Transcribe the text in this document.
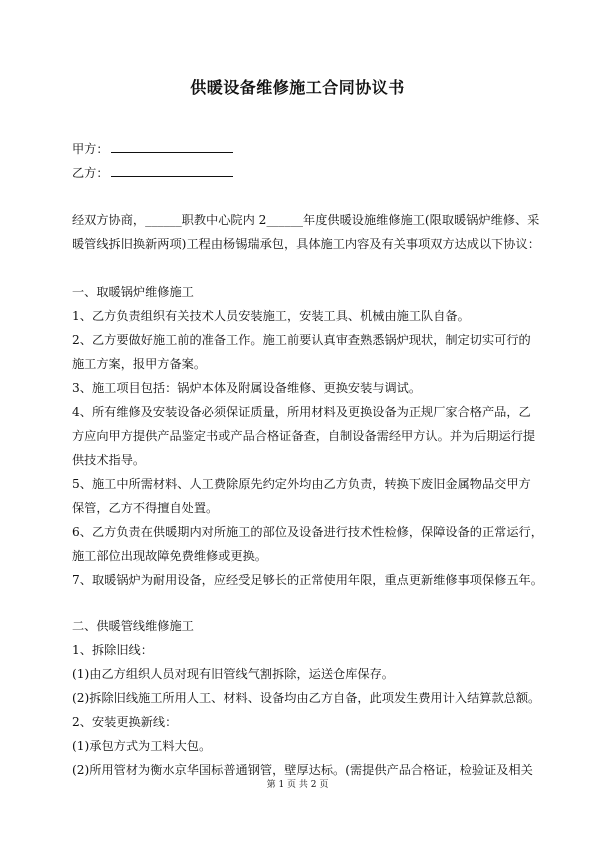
供暖设备维修施工合同协议书
甲方：
乙方：
经双方协商，______职教中心院内 2______年度供暖设施维修施工(限取暖锅炉维修、采
暖管线拆旧换新两项)工程由杨锡瑞承包，具体施工内容及有关事项双方达成以下协议：
一、取暖锅炉维修施工
1、乙方负责组织有关技术人员安装施工，安装工具、机械由施工队自备。
2、乙方要做好施工前的准备工作。施工前要认真审查熟悉锅炉现状，制定切实可行的
施工方案，报甲方备案。
3、施工项目包括：锅炉本体及附属设备维修、更换安装与调试。
4、所有维修及安装设备必须保证质量，所用材料及更换设备为正规厂家合格产品，乙
方应向甲方提供产品鉴定书或产品合格证备查，自制设备需经甲方认。并为后期运行提
供技术指导。
5、施工中所需材料、人工费除原先约定外均由乙方负责，转换下废旧金属物品交甲方
保管，乙方不得擅自处置。
6、乙方负责在供暖期内对所施工的部位及设备进行技术性检修，保障设备的正常运行，
施工部位出现故障免费维修或更换。
7、取暖锅炉为耐用设备，应经受足够长的正常使用年限，重点更新维修事项保修五年。
二、供暖管线维修施工
1、拆除旧线：
(1)由乙方组织人员对现有旧管线气割拆除，运送仓库保存。
(2)拆除旧线施工所用人工、材料、设备均由乙方自备，此项发生费用计入结算款总额。
2、安装更换新线：
(1)承包方式为工料大包。
(2)所用管材为衡水京华国标普通钢管，壁厚达标。(需提供产品合格证，检验证及相关
第 1 页 共 2 页
